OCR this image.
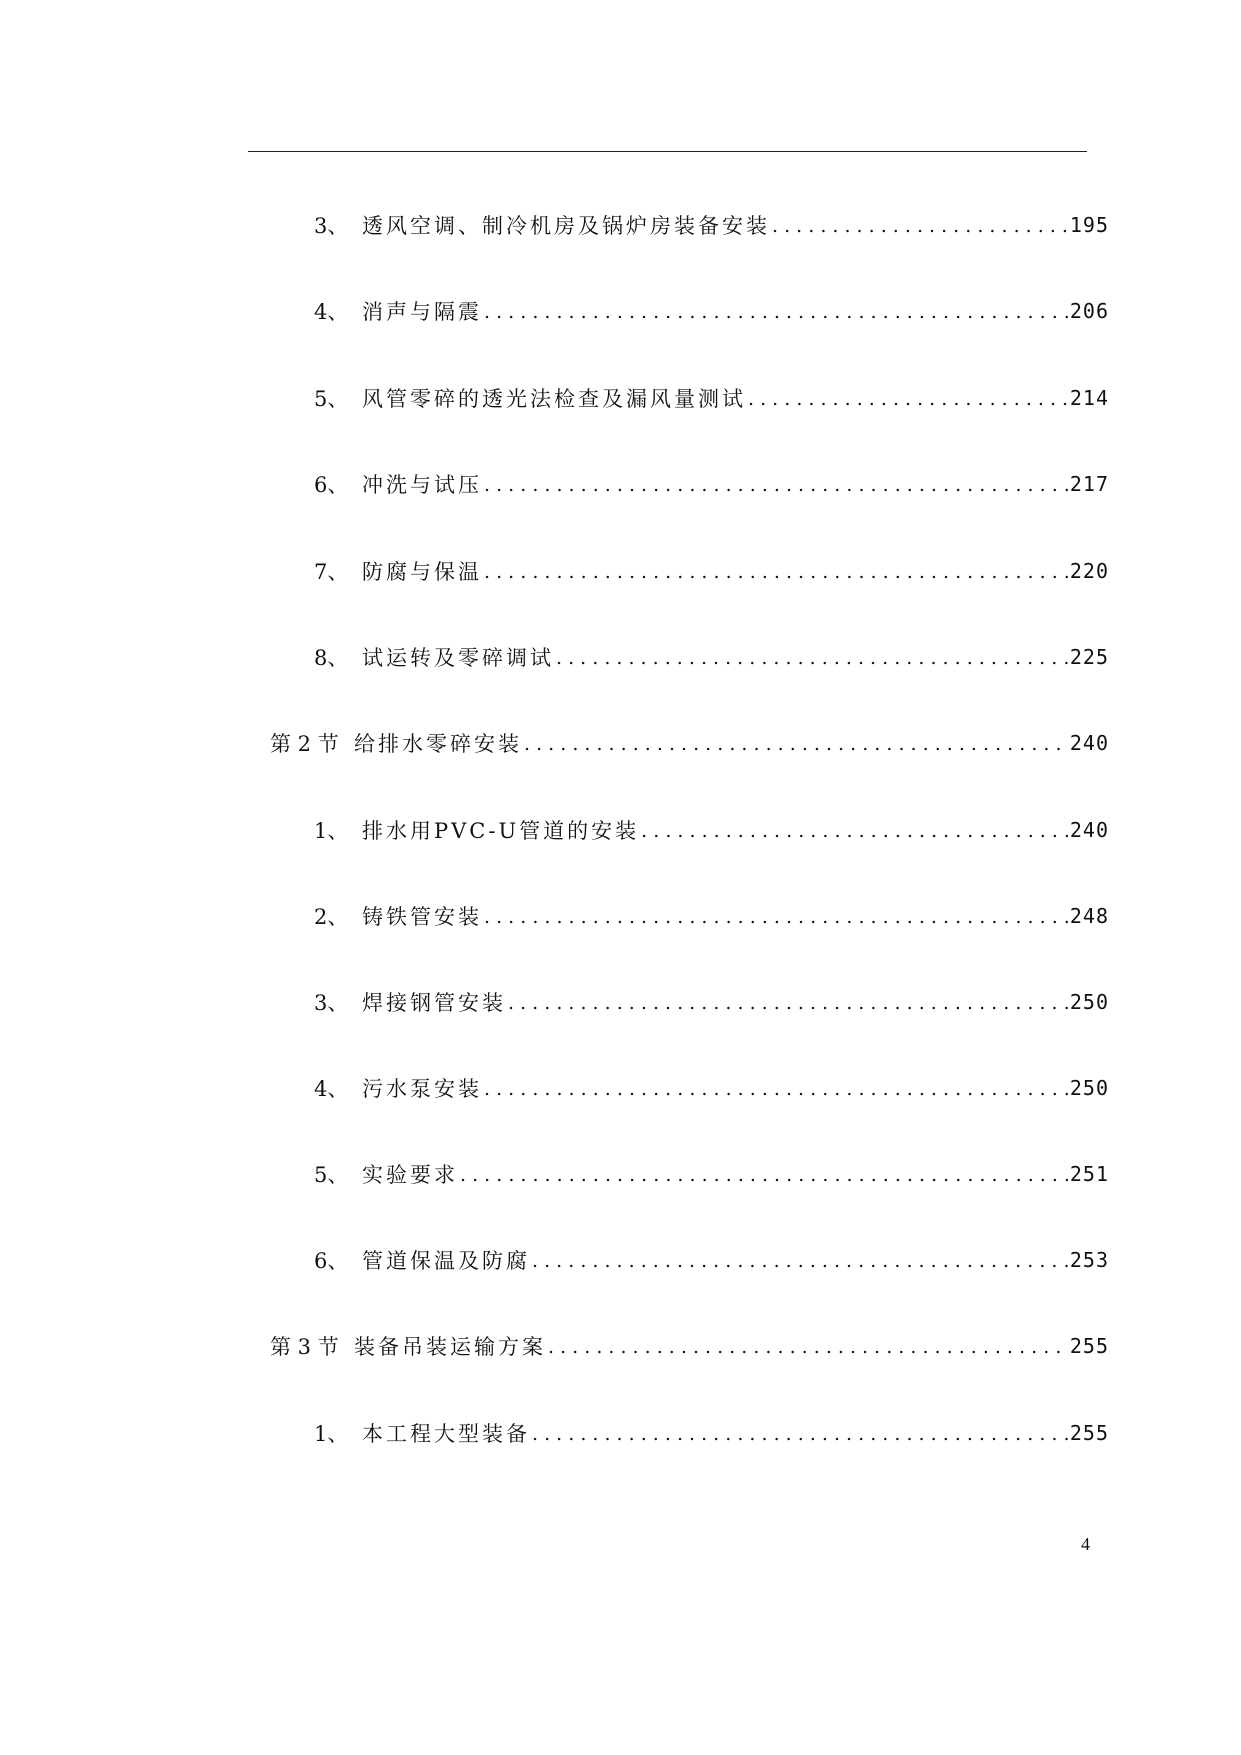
3、 透风空调、制冷机房及锅炉房装备安装 . . .	195
4、 消声与隔震 . . .	206
5、 风管零碎的透光法检查及漏风量测试 . . .	214
6、 冲洗与试压 . . .	217
7、 防腐与保温 . . .	220
8、 试运转及零碎调试 . . .	225
第 2 节 给排水零碎安装 . . .	240
1、 排水用PVC-U管道的安装 . . .	240
2、 铸铁管安装 . . .	248
3、 焊接钢管安装 . . .	250
4、 污水泵安装 . . .	250
5、 实验要求 . . .	251
6、 管道保温及防腐 . . .	253
第 3 节 装备吊装运输方案 . . .	255
1、 本工程大型装备 . . .	255
4
